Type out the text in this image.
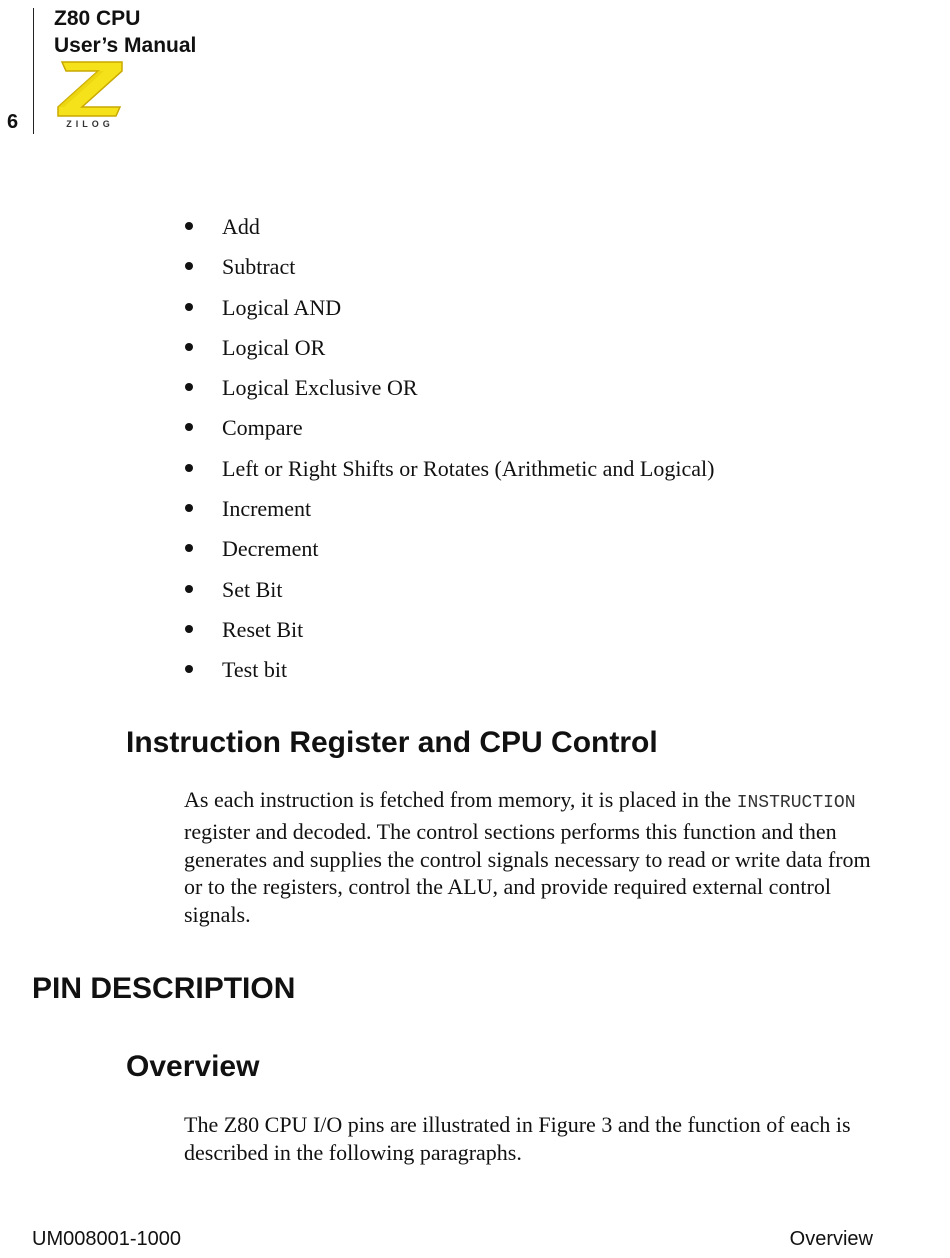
6
Z80 CPU
User’s Manual
ZILOG
Add
Subtract
Logical AND
Logical OR
Logical Exclusive OR
Compare
Left or Right Shifts or Rotates (Arithmetic and Logical)
Increment
Decrement
Set Bit
Reset Bit
Test bit
Instruction Register and CPU Control

As each instruction is fetched from memory, it is placed in the INSTRUCTION register and decoded. The control sections performs this function and then generates and supplies the control signals necessary to read or write data from or to the registers, control the ALU, and provide required external control signals.

PIN DESCRIPTION
Overview

The Z80 CPU I/O pins are illustrated in Figure 3 and the function of each is described in the following paragraphs.

UM008001-1000	Overview
